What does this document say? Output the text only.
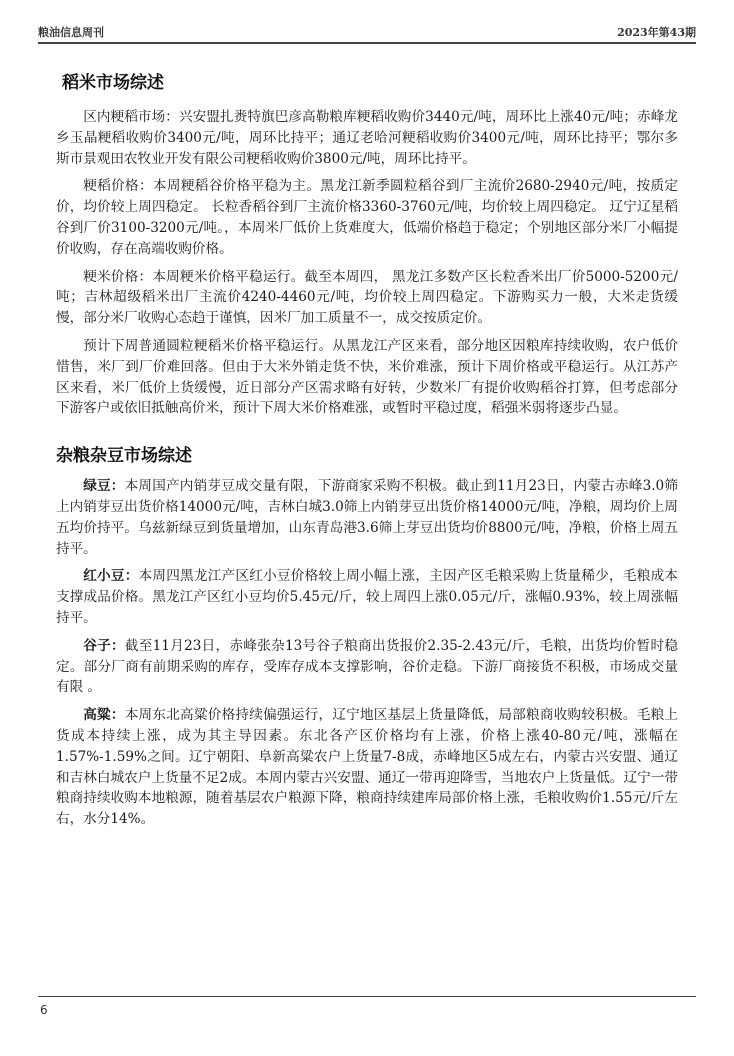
粮油信息周刊	2023年第43期
稻米市场综述

区内粳稻市场：兴安盟扎赉特旗巴彦高勒粮库粳稻收购价3440元/吨，周环比上涨40元/吨；赤峰龙乡玉晶粳稻收购价3400元/吨，周环比持平；通辽老哈河粳稻收购价3400元/吨，周环比持平；鄂尔多斯市景观田农牧业开发有限公司粳稻收购价3800元/吨，周环比持平。

粳稻价格：本周粳稻谷价格平稳为主。黑龙江新季圆粒稻谷到厂主流价2680-2940元/吨，按质定价，均价较上周四稳定。 长粒香稻谷到厂主流价格3360-3760元/吨，均价较上周四稳定。 辽宁辽星稻谷到厂价3100-3200元/吨。，本周米厂低价上货难度大，低端价格趋于稳定；个别地区部分米厂小幅提价收购，存在高端收购价格。

粳米价格：本周粳米价格平稳运行。截至本周四， 黑龙江多数产区长粒香米出厂价5000-5200元/吨；吉林超级稻米出厂主流价4240-4460元/吨，均价较上周四稳定。下游购买力一般，大米走货缓慢，部分米厂收购心态趋于谨慎，因米厂加工质量不一，成交按质定价。

预计下周普通圆粒粳稻米价格平稳运行。从黑龙江产区来看，部分地区因粮库持续收购，农户低价惜售，米厂到厂价难回落。但由于大米外销走货不快，米价难涨，预计下周价格或平稳运行。从江苏产区来看，米厂低价上货缓慢，近日部分产区需求略有好转，少数米厂有提价收购稻谷打算，但考虑部分下游客户或依旧抵触高价米，预计下周大米价格难涨，或暂时平稳过度，稻强米弱将逐步凸显。

杂粮杂豆市场综述

绿豆：本周国产内销芽豆成交量有限，下游商家采购不积极。截止到11月23日，内蒙古赤峰3.0筛上内销芽豆出货价格14000元/吨，吉林白城3.0筛上内销芽豆出货价格14000元/吨，净粮，周均价上周五均价持平。乌兹新绿豆到货量增加，山东青岛港3.6筛上芽豆出货均价8800元/吨，净粮，价格上周五持平。

红小豆：本周四黑龙江产区红小豆价格较上周小幅上涨，主因产区毛粮采购上货量稀少，毛粮成本支撑成品价格。黑龙江产区红小豆均价5.45元/斤，较上周四上涨0.05元/斤，涨幅0.93%，较上周涨幅持平。

谷子：截至11月23日，赤峰张杂13号谷子粮商出货报价2.35-2.43元/斤，毛粮，出货均价暂时稳定。部分厂商有前期采购的库存，受库存成本支撑影响，谷价走稳。下游厂商接货不积极，市场成交量有限 。

高粱：本周东北高粱价格持续偏强运行，辽宁地区基层上货量降低，局部粮商收购较积极。毛粮上货成本持续上涨，成为其主导因素。东北各产区价格均有上涨，价格上涨40-80元/吨，涨幅在1.57%-1.59%之间。辽宁朝阳、阜新高粱农户上货量7-8成，赤峰地区5成左右，内蒙古兴安盟、通辽和吉林白城农户上货量不足2成。本周内蒙古兴安盟、通辽一带再迎降雪，当地农户上货量低。辽宁一带粮商持续收购本地粮源，随着基层农户粮源下降，粮商持续建库局部价格上涨，毛粮收购价1.55元/斤左右，水分14%。

6
